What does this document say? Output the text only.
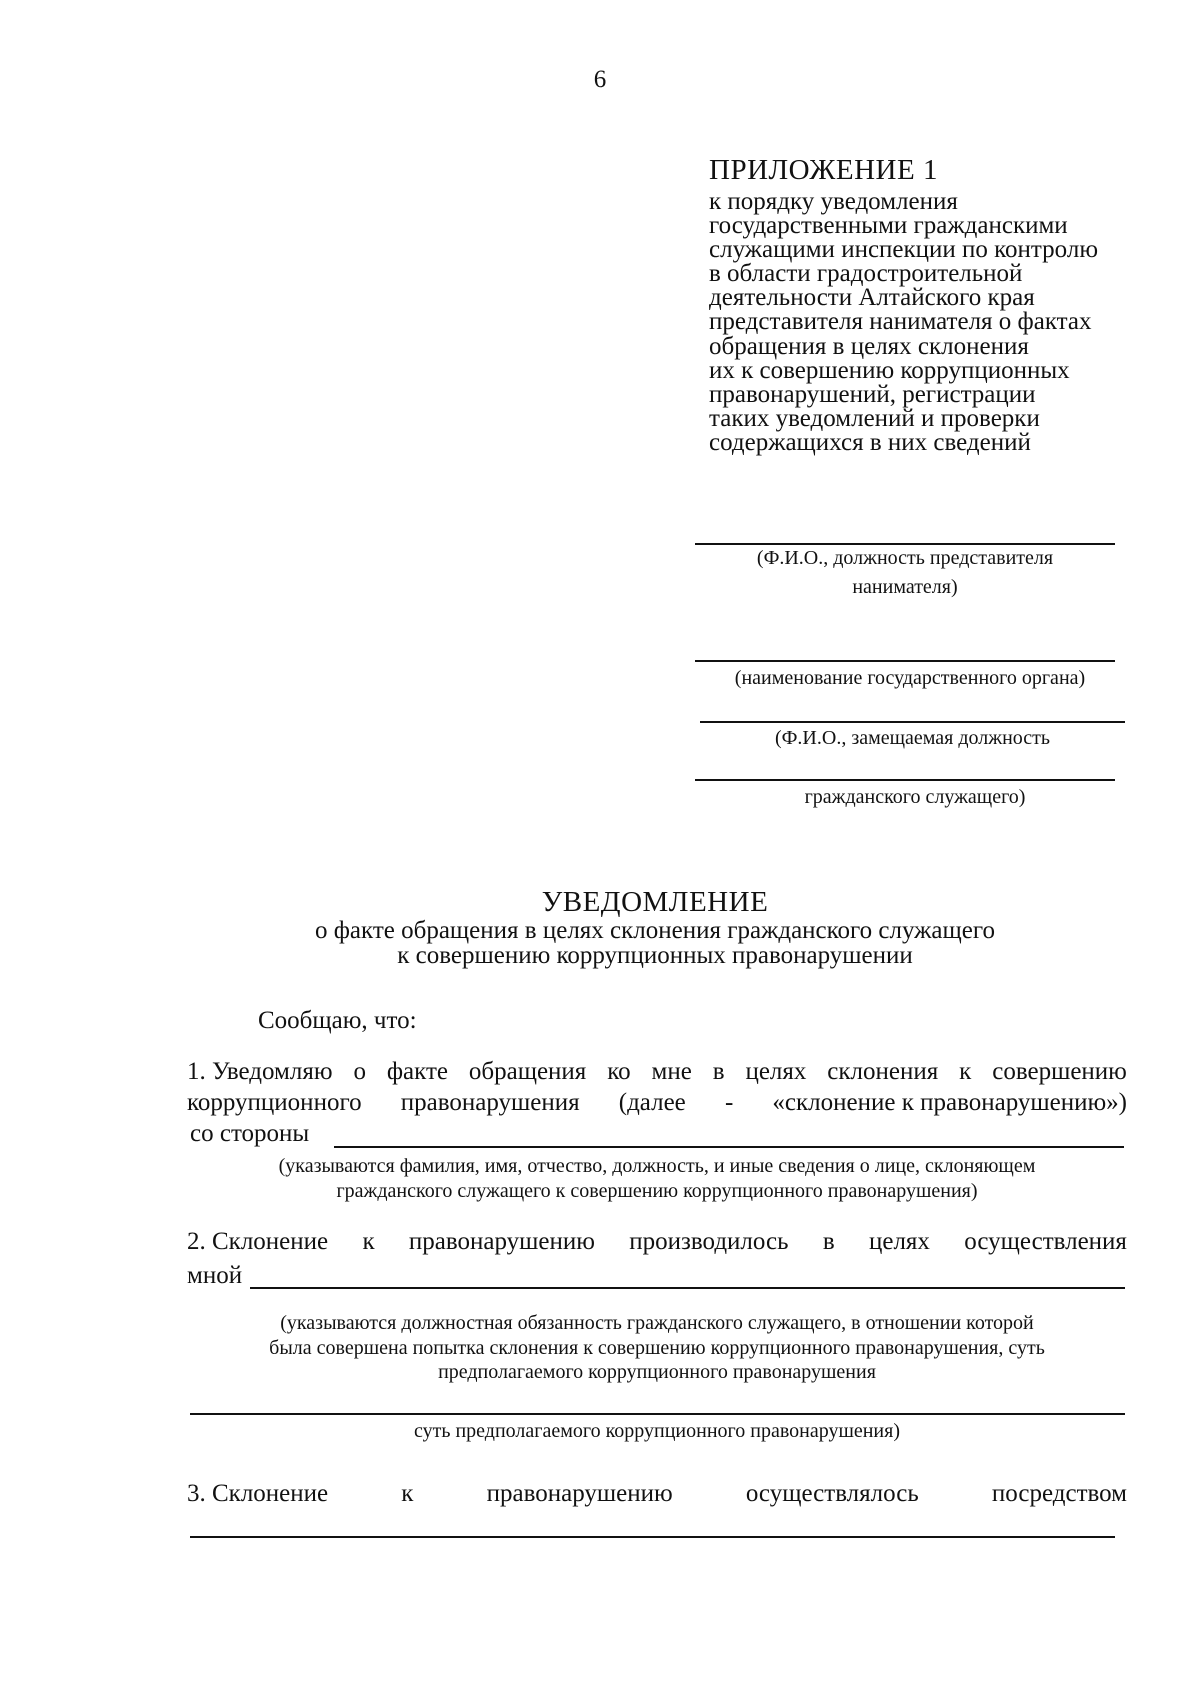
6
ПРИЛОЖЕНИЕ 1
к порядку уведомления
государственными гражданскими
служащими инспекции по контролю
в области градостроительной
деятельности Алтайского края
представителя нанимателя о фактах
обращения в целях склонения
их к совершению коррупционных
правонарушений, регистрации
таких уведомлений и проверки
содержащихся в них сведений
(Ф.И.О., должность представителя
нанимателя)
(наименование государственного органа)
(Ф.И.О., замещаемая должность
гражданского служащего)
УВЕДОМЛЕНИЕ
о факте обращения в целях склонения гражданского служащего
к совершению коррупционных правонарушении
Сообщаю, что:
1. Уведомляю о факте обращения ко мне в целях склонения к совершению
коррупционного правонарушения (далее - «склонение к правонарушению»)
со стороны
(указываются фамилия, имя, отчество, должность, и иные сведения о лице, склоняющем
гражданского служащего к совершению коррупционного правонарушения)
2. Склонение к правонарушению производилось в целях осуществления
мной
(указываются должностная обязанность гражданского служащего, в отношении которой
была совершена попытка склонения к совершению коррупционного правонарушения, суть
предполагаемого коррупционного правонарушения
суть предполагаемого коррупционного правонарушения)
3. Склонение	к	правонарушению	осуществлялось	посредством
